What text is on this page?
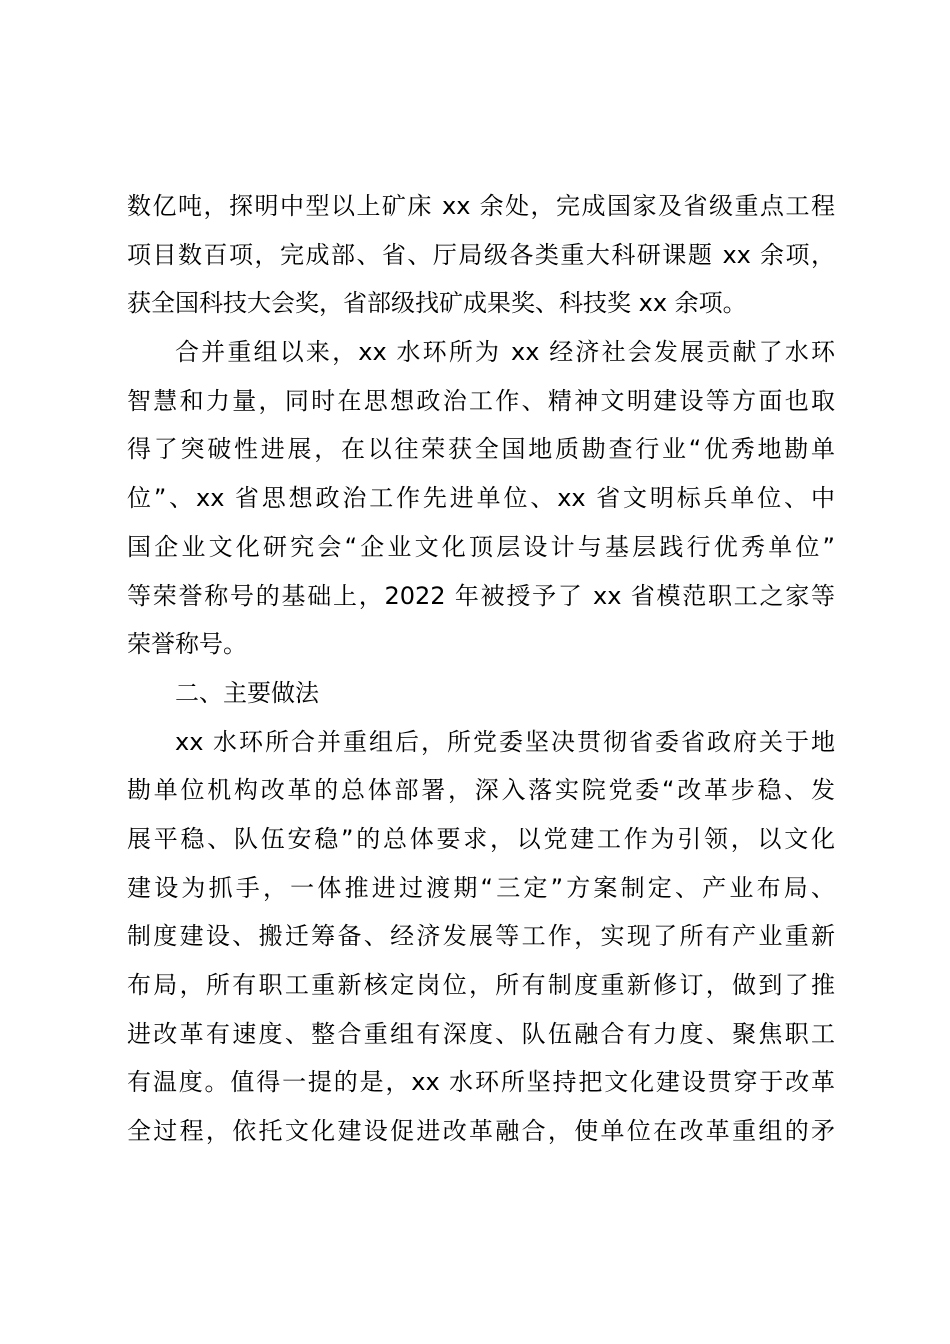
数亿吨，探明中型以上矿床 xx 余处，完成国家及省级重点工程
项目数百项，完成部、省、厅局级各类重大科研课题 xx 余项，
获全国科技大会奖，省部级找矿成果奖、科技奖 xx 余项。
合并重组以来，xx 水环所为 xx 经济社会发展贡献了水环
智慧和力量，同时在思想政治工作、精神文明建设等方面也取
得了突破性进展，在以往荣获全国地质勘查行业“优秀地勘单
位”、xx 省思想政治工作先进单位、xx 省文明标兵单位、中
国企业文化研究会“企业文化顶层设计与基层践行优秀单位”
等荣誉称号的基础上，2022 年被授予了 xx 省模范职工之家等
荣誉称号。
二、主要做法
xx 水环所合并重组后，所党委坚决贯彻省委省政府关于地
勘单位机构改革的总体部署，深入落实院党委“改革步稳、发
展平稳、队伍安稳”的总体要求，以党建工作为引领，以文化
建设为抓手，一体推进过渡期“三定”方案制定、产业布局、
制度建设、搬迁筹备、经济发展等工作，实现了所有产业重新
布局，所有职工重新核定岗位，所有制度重新修订，做到了推
进改革有速度、整合重组有深度、队伍融合有力度、聚焦职工
有温度。值得一提的是，xx 水环所坚持把文化建设贯穿于改革
全过程，依托文化建设促进改革融合，使单位在改革重组的矛
